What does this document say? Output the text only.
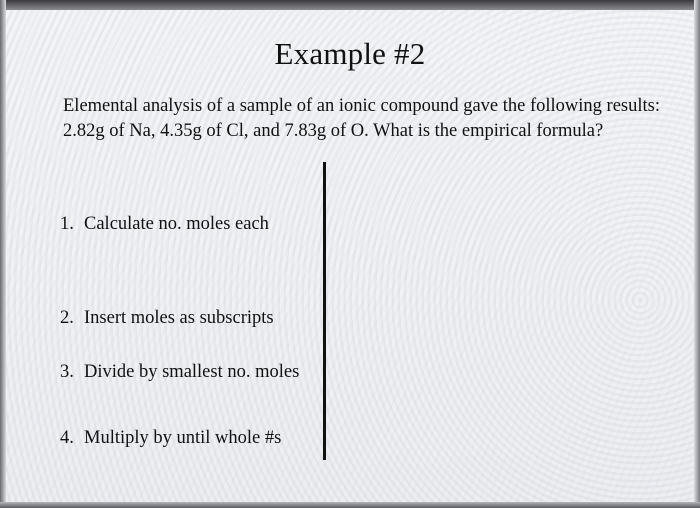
Example #2
Elemental analysis of a sample of an ionic compound gave the following results:
2.82g of Na, 4.35g of Cl, and 7.83g of O. What is the empirical formula?
1. Calculate no. moles each
2. Insert moles as subscripts
3. Divide by smallest no. moles
4. Multiply by until whole #s
